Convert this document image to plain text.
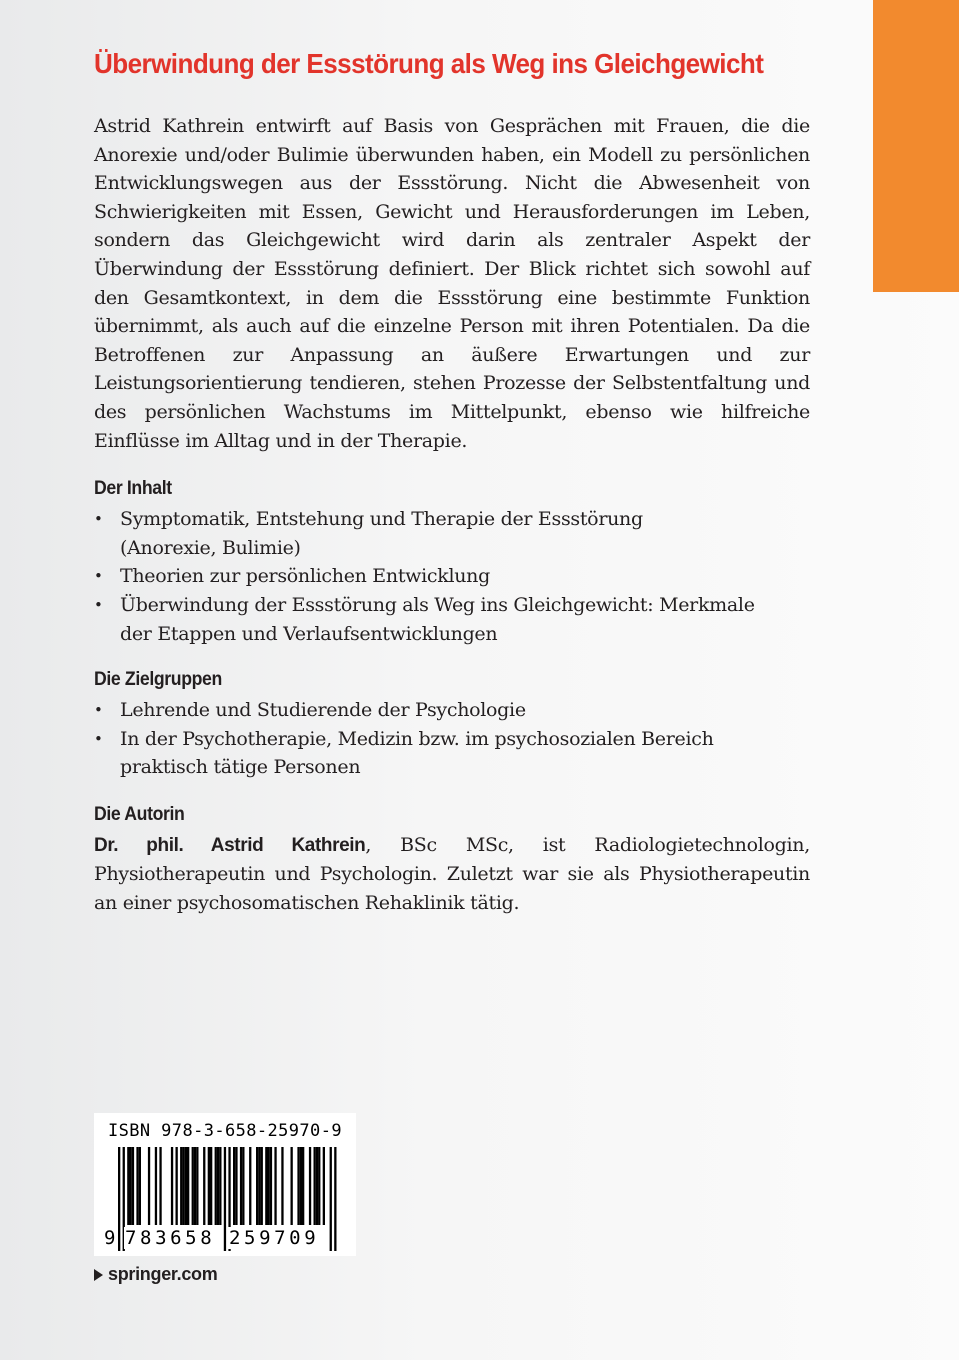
Überwindung der Essstörung als Weg ins Gleichgewicht

Astrid Kathrein entwirft auf Basis von Gesprächen mit Frauen, die die Anorexie und/oder Bulimie überwunden haben, ein Modell zu persönlichen Entwicklungswegen aus der Essstörung. Nicht die Abwesenheit von Schwierigkeiten mit Essen, Gewicht und Herausforderungen im Leben, sondern das Gleichgewicht wird darin als zentraler Aspekt der Überwindung der Essstörung definiert. Der Blick richtet sich sowohl auf den Gesamtkontext, in dem die Essstörung eine bestimmte Funktion übernimmt, als auch auf die einzelne Person mit ihren Potentialen. Da die Betroffenen zur Anpassung an äußere Erwartungen und zur Leistungsorientierung tendieren, stehen Prozesse der Selbstentfaltung und des persönlichen Wachstums im Mittelpunkt, ebenso wie hilfreiche Einflüsse im Alltag und in der Therapie.

Der Inhalt
• Symptomatik, Entstehung und Therapie der Essstörung
(Anorexie, Bulimie)
• Theorien zur persönlichen Entwicklung
• Überwindung der Essstörung als Weg ins Gleichgewicht: Merkmale
der Etappen und Verlaufsentwicklungen
Die Zielgruppen
• Lehrende und Studierende der Psychologie
• In der Psychotherapie, Medizin bzw. im psychosozialen Bereich
praktisch tätige Personen
Die Autorin

Dr. phil. Astrid Kathrein, BSc MSc, ist Radiologietechnologin, Physiotherapeutin und Psychologin. Zuletzt war sie als Physiotherapeutin an einer psychosomatischen Rehaklinik tätig.

ISBN 978-3-658-25970-9
9 783658 259709
springer.com
